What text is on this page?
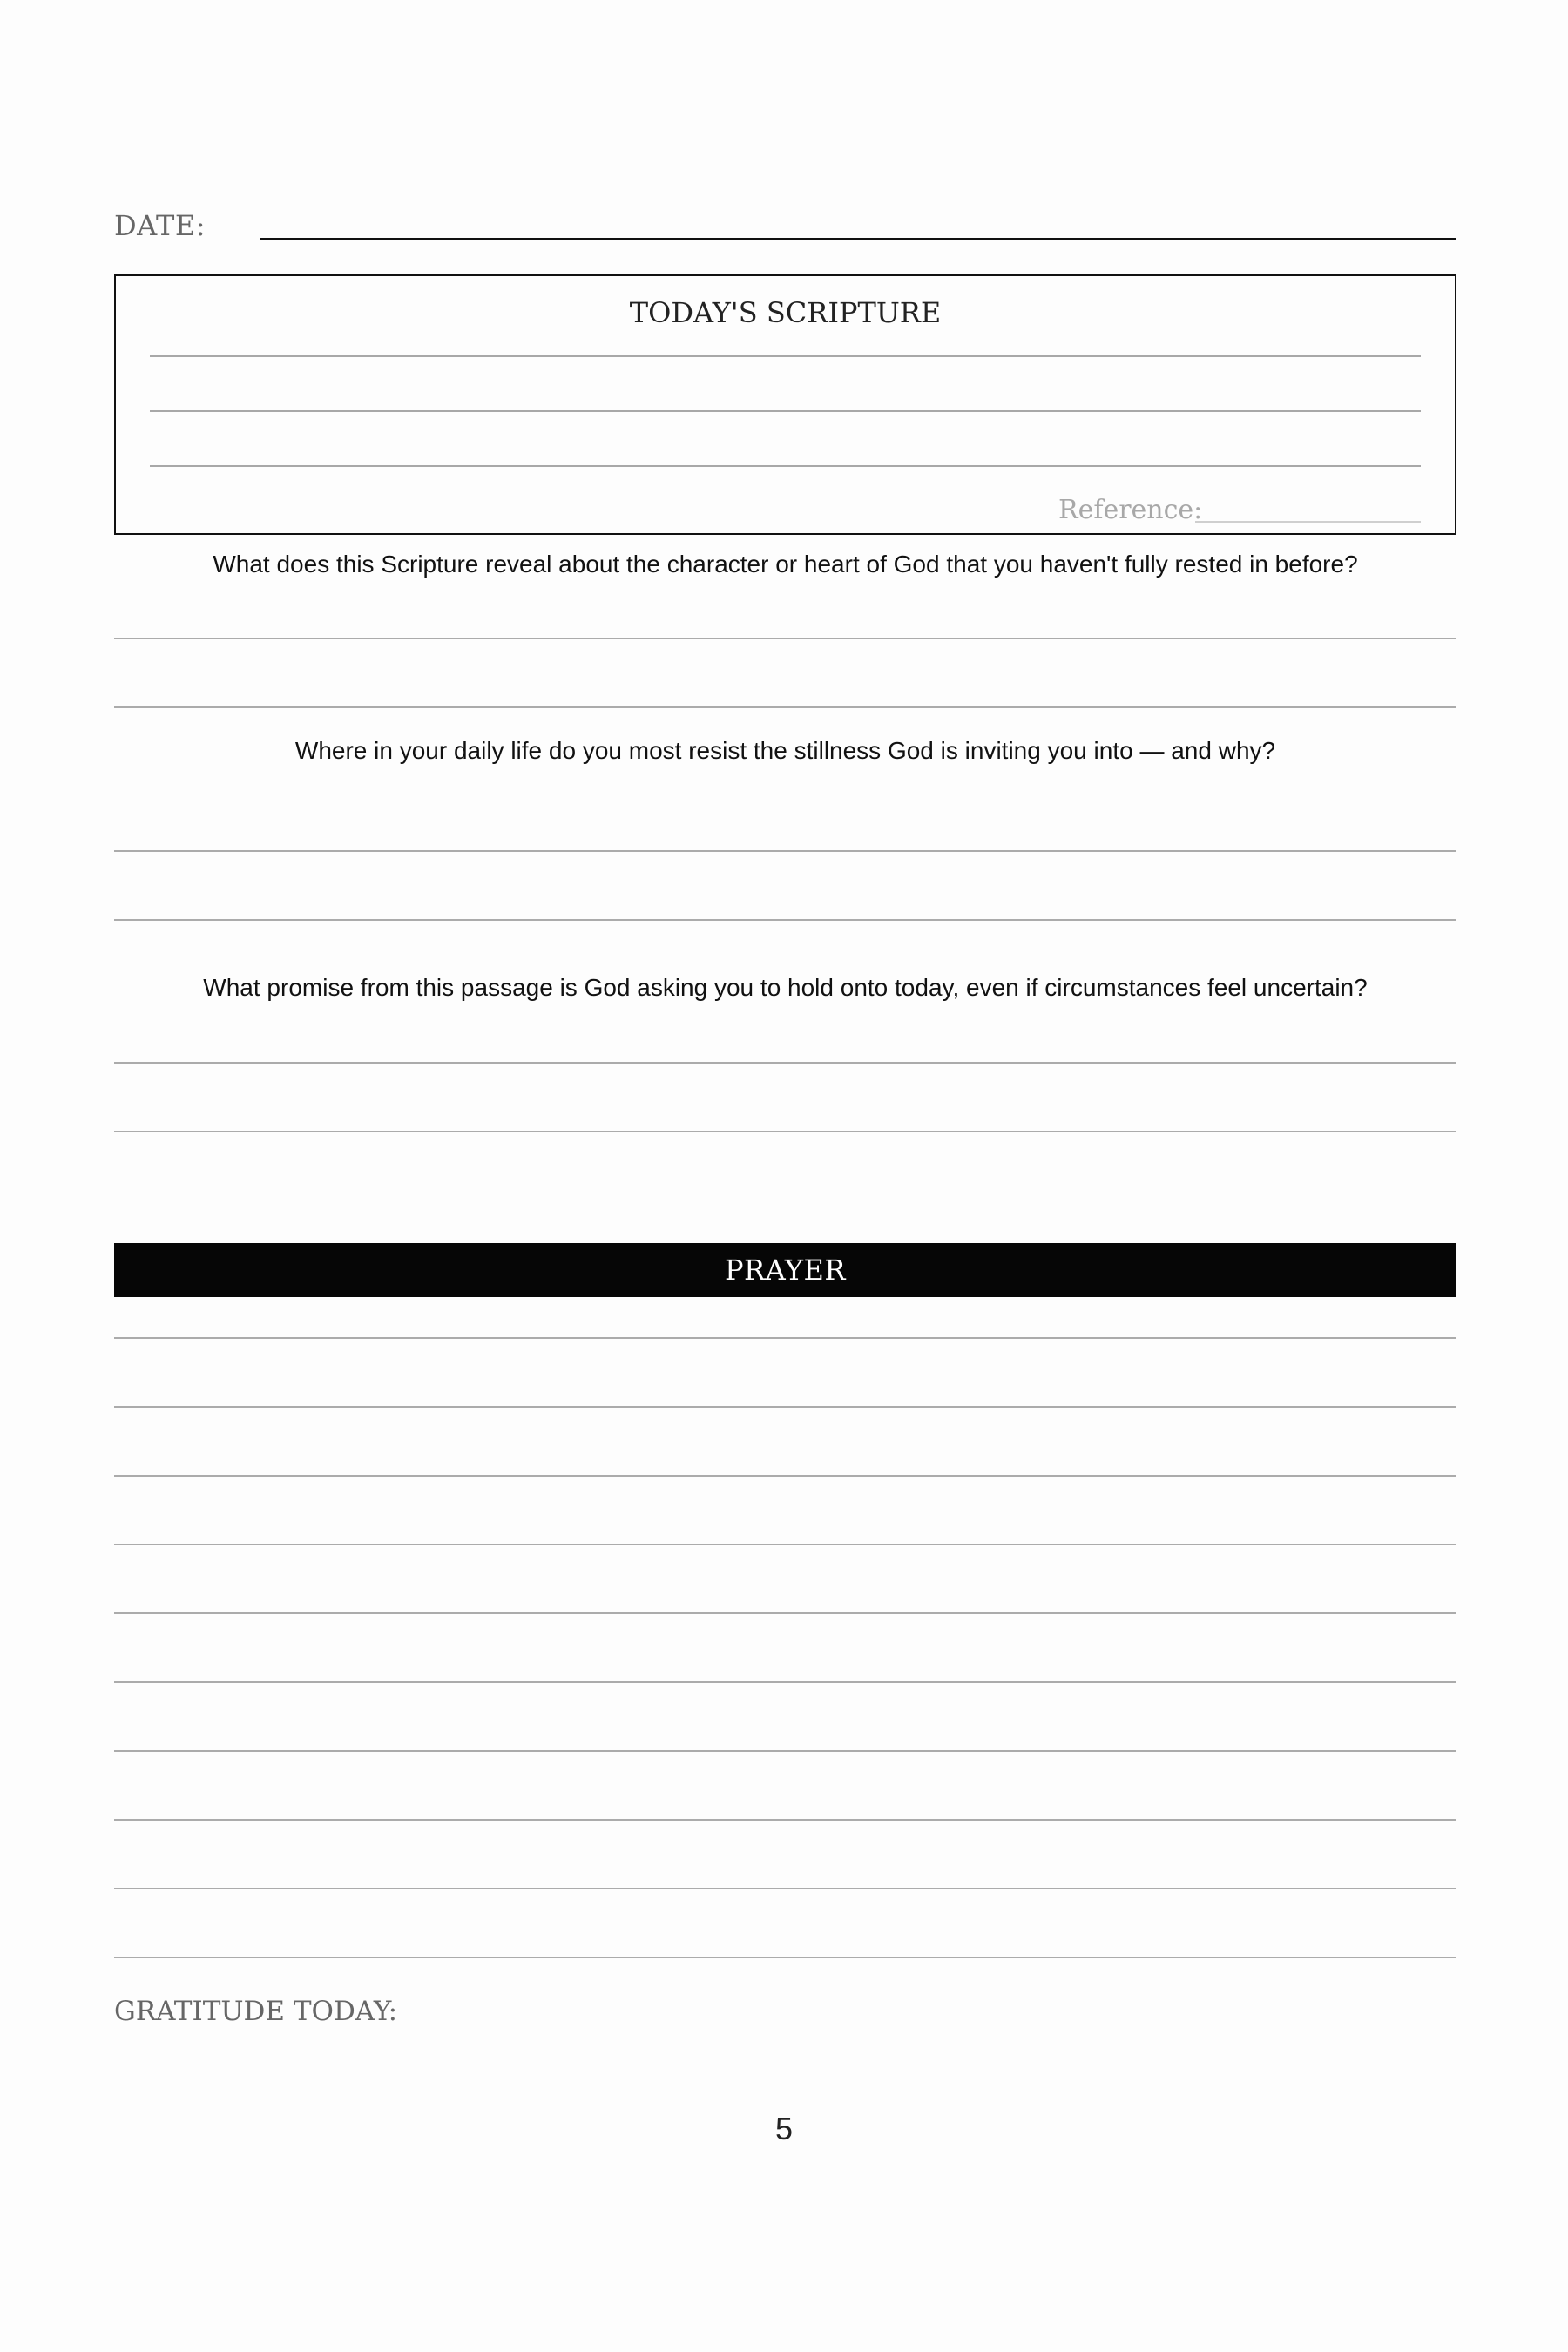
DATE:
TODAY'S SCRIPTURE
Reference:
What does this Scripture reveal about the character or heart of God that you haven't fully rested in before?
Where in your daily life do you most resist the stillness God is inviting you into — and why?
What promise from this passage is God asking you to hold onto today, even if circumstances feel uncertain?
PRAYER
GRATITUDE TODAY:
5
